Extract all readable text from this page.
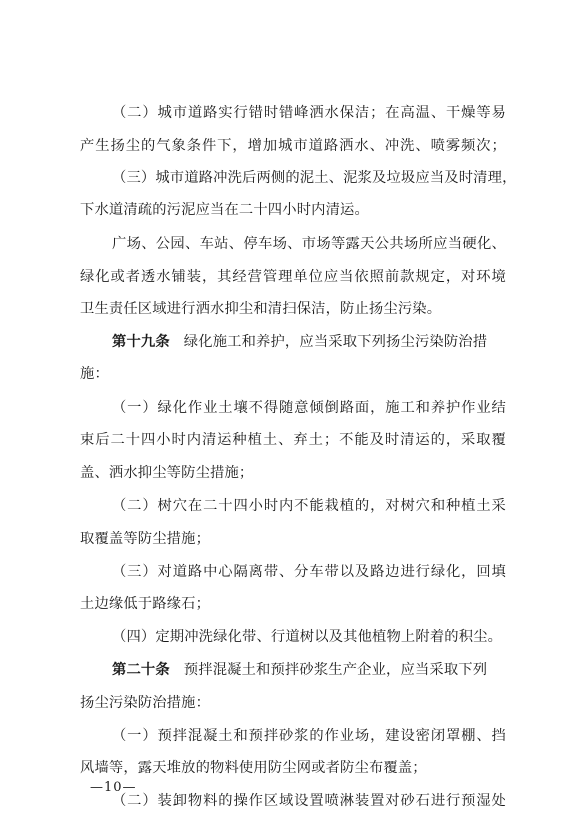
（二）城市道路实行错时错峰洒水保洁；在高温、干燥等易
产生扬尘的气象条件下，增加城市道路洒水、冲洗、喷雾频次；
（三）城市道路冲洗后两侧的泥土、泥浆及垃圾应当及时清理，
下水道清疏的污泥应当在二十四小时内清运。
广场、公园、车站、停车场、市场等露天公共场所应当硬化、
绿化或者透水铺装，其经营管理单位应当依照前款规定，对环境
卫生责任区域进行洒水抑尘和清扫保洁，防止扬尘污染。
第十九条 绿化施工和养护，应当采取下列扬尘污染防治措
施：
（一）绿化作业土壤不得随意倾倒路面，施工和养护作业结
束后二十四小时内清运种植土、弃土；不能及时清运的，采取覆
盖、洒水抑尘等防尘措施；
（二）树穴在二十四小时内不能栽植的，对树穴和种植土采
取覆盖等防尘措施；
（三）对道路中心隔离带、分车带以及路边进行绿化，回填
土边缘低于路缘石；
（四）定期冲洗绿化带、行道树以及其他植物上附着的积尘。
第二十条 预拌混凝土和预拌砂浆生产企业，应当采取下列
扬尘污染防治措施：
（一）预拌混凝土和预拌砂浆的作业场，建设密闭罩棚、挡
风墙等，露天堆放的物料使用防尘网或者防尘布覆盖；
（二）装卸物料的操作区域设置喷淋装置对砂石进行预湿处
—10—
